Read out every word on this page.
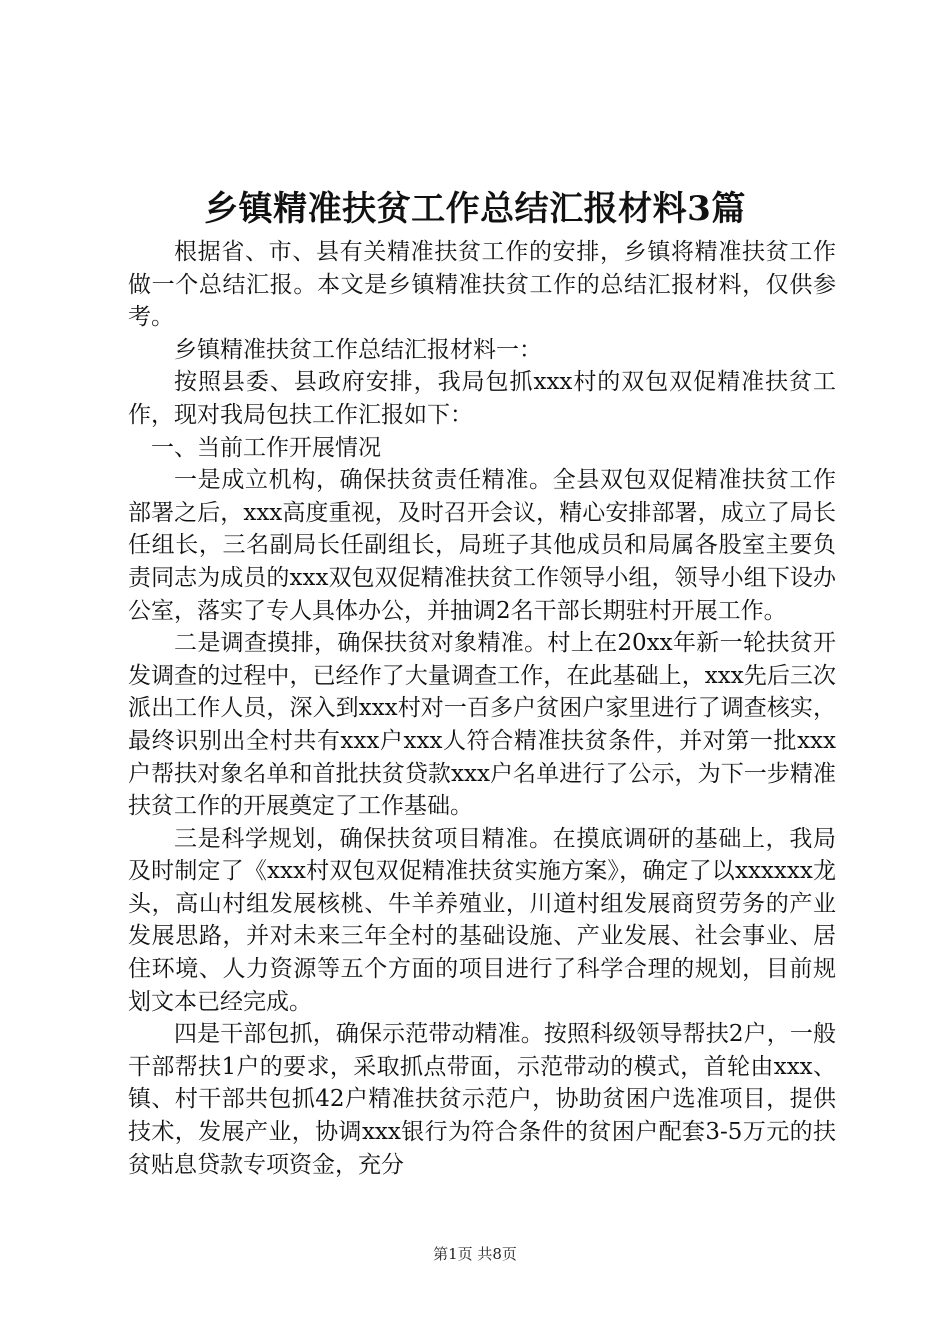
乡镇精准扶贫工作总结汇报材料3篇

根据省、市、县有关精准扶贫工作的安排，乡镇将精准扶贫工作做一个总结汇报。本文是乡镇精准扶贫工作的总结汇报材料，仅供参考。

乡镇精准扶贫工作总结汇报材料一：

按照县委、县政府安排，我局包抓xxx村的双包双促精准扶贫工作，现对我局包扶工作汇报如下：

一、当前工作开展情况

一是成立机构，确保扶贫责任精准。全县双包双促精准扶贫工作部署之后，xxx高度重视，及时召开会议，精心安排部署，成立了局长任组长，三名副局长任副组长，局班子其他成员和局属各股室主要负责同志为成员的xxx双包双促精准扶贫工作领导小组，领导小组下设办公室，落实了专人具体办公，并抽调2名干部长期驻村开展工作。

二是调查摸排，确保扶贫对象精准。村上在20xx年新一轮扶贫开发调查的过程中，已经作了大量调查工作，在此基础上，xxx先后三次派出工作人员，深入到xxx村对一百多户贫困户家里进行了调查核实，最终识别出全村共有xxx户xxx人符合精准扶贫条件，并对第一批xxx户帮扶对象名单和首批扶贫贷款xxx户名单进行了公示，为下一步精准扶贫工作的开展奠定了工作基础。

三是科学规划，确保扶贫项目精准。在摸底调研的基础上，我局及时制定了《xxx村双包双促精准扶贫实施方案》，确定了以xxxxxx龙头，高山村组发展核桃、牛羊养殖业，川道村组发展商贸劳务的产业发展思路，并对未来三年全村的基础设施、产业发展、社会事业、居住环境、人力资源等五个方面的项目进行了科学合理的规划，目前规划文本已经完成。

四是干部包抓，确保示范带动精准。按照科级领导帮扶2户，一般干部帮扶1户的要求，采取抓点带面，示范带动的模式，首轮由xxx、镇、村干部共包抓42户精准扶贫示范户，协助贫困户选准项目，提供技术，发展产业，协调xxx银行为符合条件的贫困户配套3-5万元的扶贫贴息贷款专项资金，充分

第1页 共8页
